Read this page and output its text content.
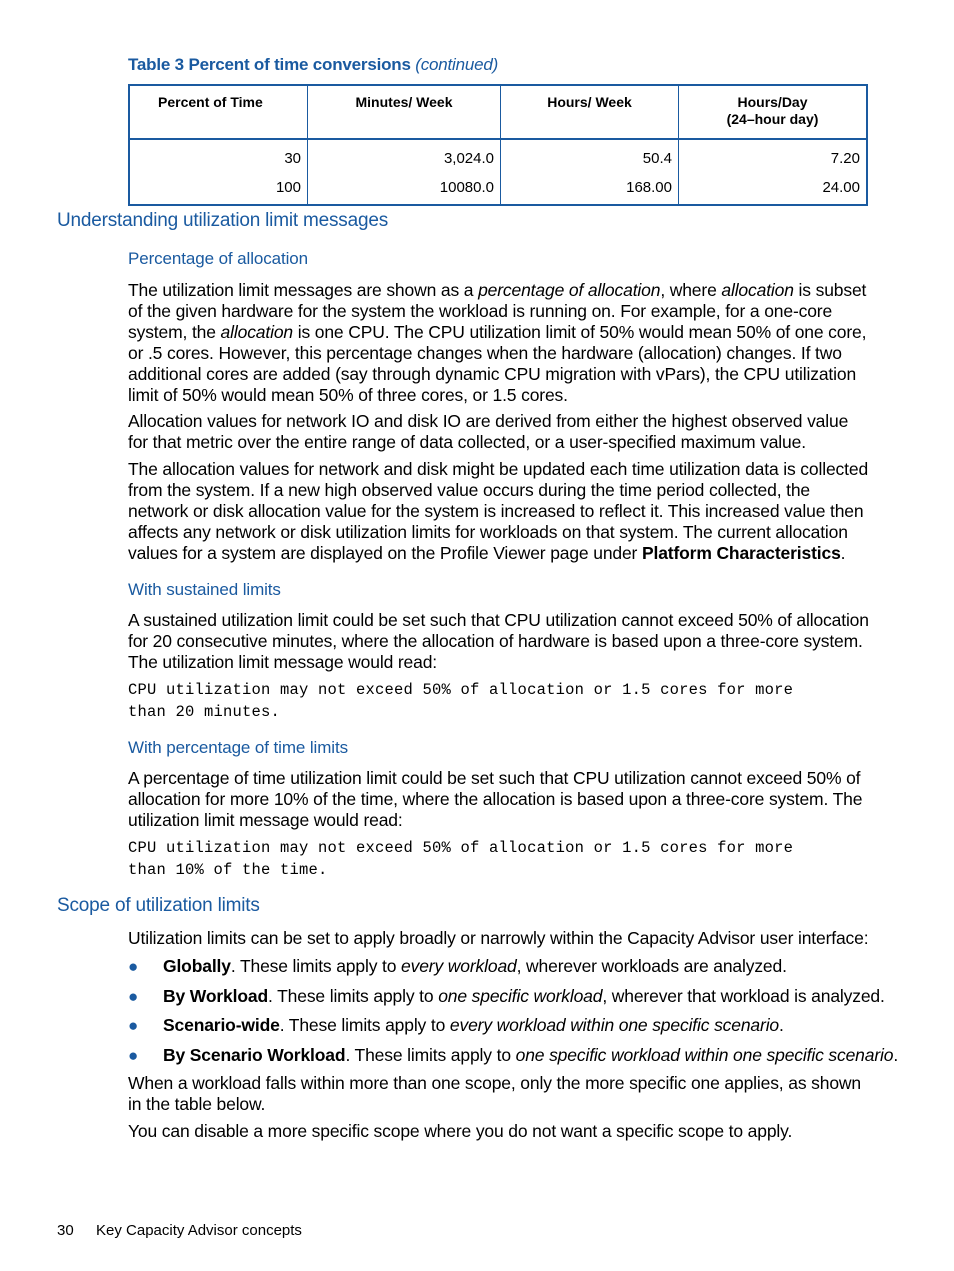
Table 3 Percent of time conversions (continued)
Percent of Time	Minutes/ Week	Hours/ Week	Hours/Day
(24–hour day)

30	3,024.0	50.4	7.20
100	10080.0	168.00	24.00
Understanding utilization limit messages
Percentage of allocation
The utilization limit messages are shown as a percentage of allocation, where allocation is subset of the given hardware for the system the workload is running on. For example, for a one-core system, the allocation is one CPU. The CPU utilization limit of 50% would mean 50% of one core, or .5 cores. However, this percentage changes when the hardware (allocation) changes. If two additional cores are added (say through dynamic CPU migration with vPars), the CPU utilization limit of 50% would mean 50% of three cores, or 1.5 cores.
Allocation values for network IO and disk IO are derived from either the highest observed value for that metric over the entire range of data collected, or a user-specified maximum value.
The allocation values for network and disk might be updated each time utilization data is collected from the system. If a new high observed value occurs during the time period collected, the network or disk allocation value for the system is increased to reflect it. This increased value then affects any network or disk utilization limits for workloads on that system. The current allocation values for a system are displayed on the Profile Viewer page under Platform Characteristics.
With sustained limits
A sustained utilization limit could be set such that CPU utilization cannot exceed 50% of allocation for 20 consecutive minutes, where the allocation of hardware is based upon a three-core system. The utilization limit message would read:
CPU utilization may not exceed 50% of allocation or 1.5 cores for more
than 20 minutes.
With percentage of time limits
A percentage of time utilization limit could be set such that CPU utilization cannot exceed 50% of allocation for more 10% of the time, where the allocation is based upon a three-core system. The utilization limit message would read:
CPU utilization may not exceed 50% of allocation or 1.5 cores for more
than 10% of the time.
Scope of utilization limits
Utilization limits can be set to apply broadly or narrowly within the Capacity Advisor user interface:
● Globally. These limits apply to every workload, wherever workloads are analyzed.
● By Workload. These limits apply to one specific workload, wherever that workload is analyzed.
● Scenario-wide. These limits apply to every workload within one specific scenario.
● By Scenario Workload. These limits apply to one specific workload within one specific scenario.
When a workload falls within more than one scope, only the more specific one applies, as shown in the table below.
You can disable a more specific scope where you do not want a specific scope to apply.
30 Key Capacity Advisor concepts
